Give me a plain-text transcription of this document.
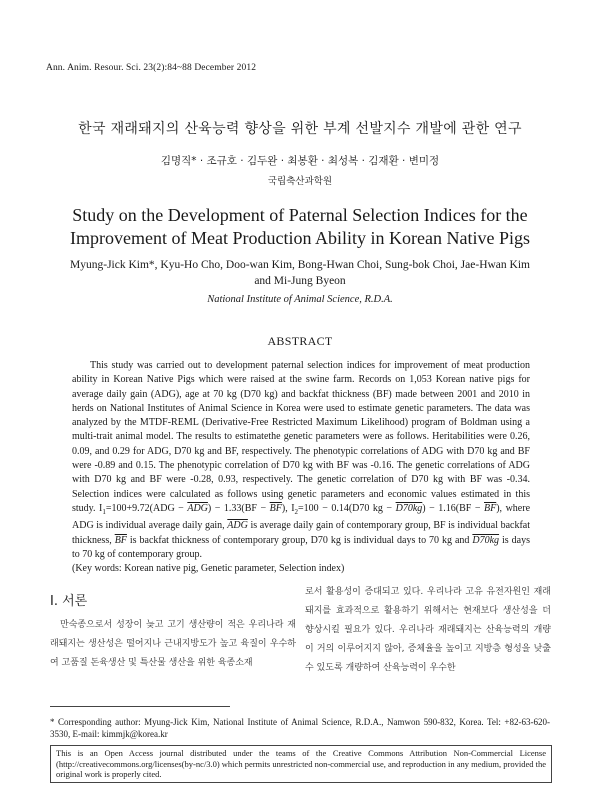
Ann. Anim. Resour. Sci. 23(2):84~88 December 2012
한국 재래돼지의 산육능력 향상을 위한 부계 선발지수 개발에 관한 연구
김명직* · 조규호 · 김두완 · 최봉환 · 최성복 · 김재환 · 변미정
국립축산과학원
Study on the Development of Paternal Selection Indices for the Improvement of Meat Production Ability in Korean Native Pigs
Myung-Jick Kim*, Kyu-Ho Cho, Doo-wan Kim, Bong-Hwan Choi, Sung-bok Choi, Jae-Hwan Kim
and Mi-Jung Byeon
National Institute of Animal Science, R.D.A.
ABSTRACT

This study was carried out to development paternal selection indices for improvement of meat production ability in Korean Native Pigs which were raised at the swine farm. Records on 1,053 Korean native pigs for average daily gain (ADG), age at 70 kg (D70 kg) and backfat thickness (BF) made between 2001 and 2010 in herds on National Institutes of Animal Science in Korea were used to estimate genetic parameters. The data was analyzed by the MTDF-REML (Derivative-Free Restricted Maximum Likelihood) program of Boldman using a multi-trait animal model. The results to estimatethe genetic parameters were as follows. Heritabilities were 0.26, 0.09, and 0.29 for ADG, D70 kg and BF, respectively. The phenotypic correlations of ADG with D70 kg and BF were -0.89 and 0.15. The phenotypic correlation of D70 kg with BF was -0.16. The genetic correlations of ADG with D70 kg and BF were -0.28, 0.93, respectively. The genetic correlation of D70 kg with BF was -0.34. Selection indices were calculated as follows using genetic parameters and economic values estimated in this study. $I_1=100+9.72(ADG - \overline{ADG}) - 1.33(BF - \overline{BF})$, $I_2=100 - 0.14(D70$ kg − $D70kg) - 1.16(BF - \overline{BF})$, where ADG is individual average daily gain, $\overline{ADG}$ is average daily gain of contemporary group, BF is individual backfat thickness, $\overline{BF}$ is backfat thickness of contemporary group, D70 kg is individual days to 70 kg and D70kg is days to 70 kg of contemporary group.

(Key words: Korean native pig, Genetic parameter, Selection index)
I. 서론
만숙종으로서 성장이 늦고 고기 생산량이 적은 우리나라 재래돼지는 생산성은 떨어지나 근내지방도가 높고 육질이 우수하여 고품질 돈육생산 및 특산물 생산을 위한 육종소재
로서 활용성이 증대되고 있다. 우리나라 고유 유전자원인 재래돼지를 효과적으로 활용하기 위해서는 현재보다 생산성을 더 향상시킬 필요가 있다. 우리나라 재래돼지는 산육능력의 개량이 거의 이루어지지 않아, 증체율을 높이고 지방층 형성을 낮출 수 있도록 개량하여 산육능력이 우수한
* Corresponding author: Myung-Jick Kim, National Institute of Animal Science, R.D.A., Namwon 590-832, Korea. Tel: +82-63-620-3530, E-mail: kimmjk@korea.kr
This is an Open Access journal distributed under the teams of the Creative Commons Attribution Non-Commercial License (http://creativecommons.org/licenses(by-nc/3.0) which permits unrestricted non-commercial use, and reproduction in any medium, provided the original work is properly cited.
